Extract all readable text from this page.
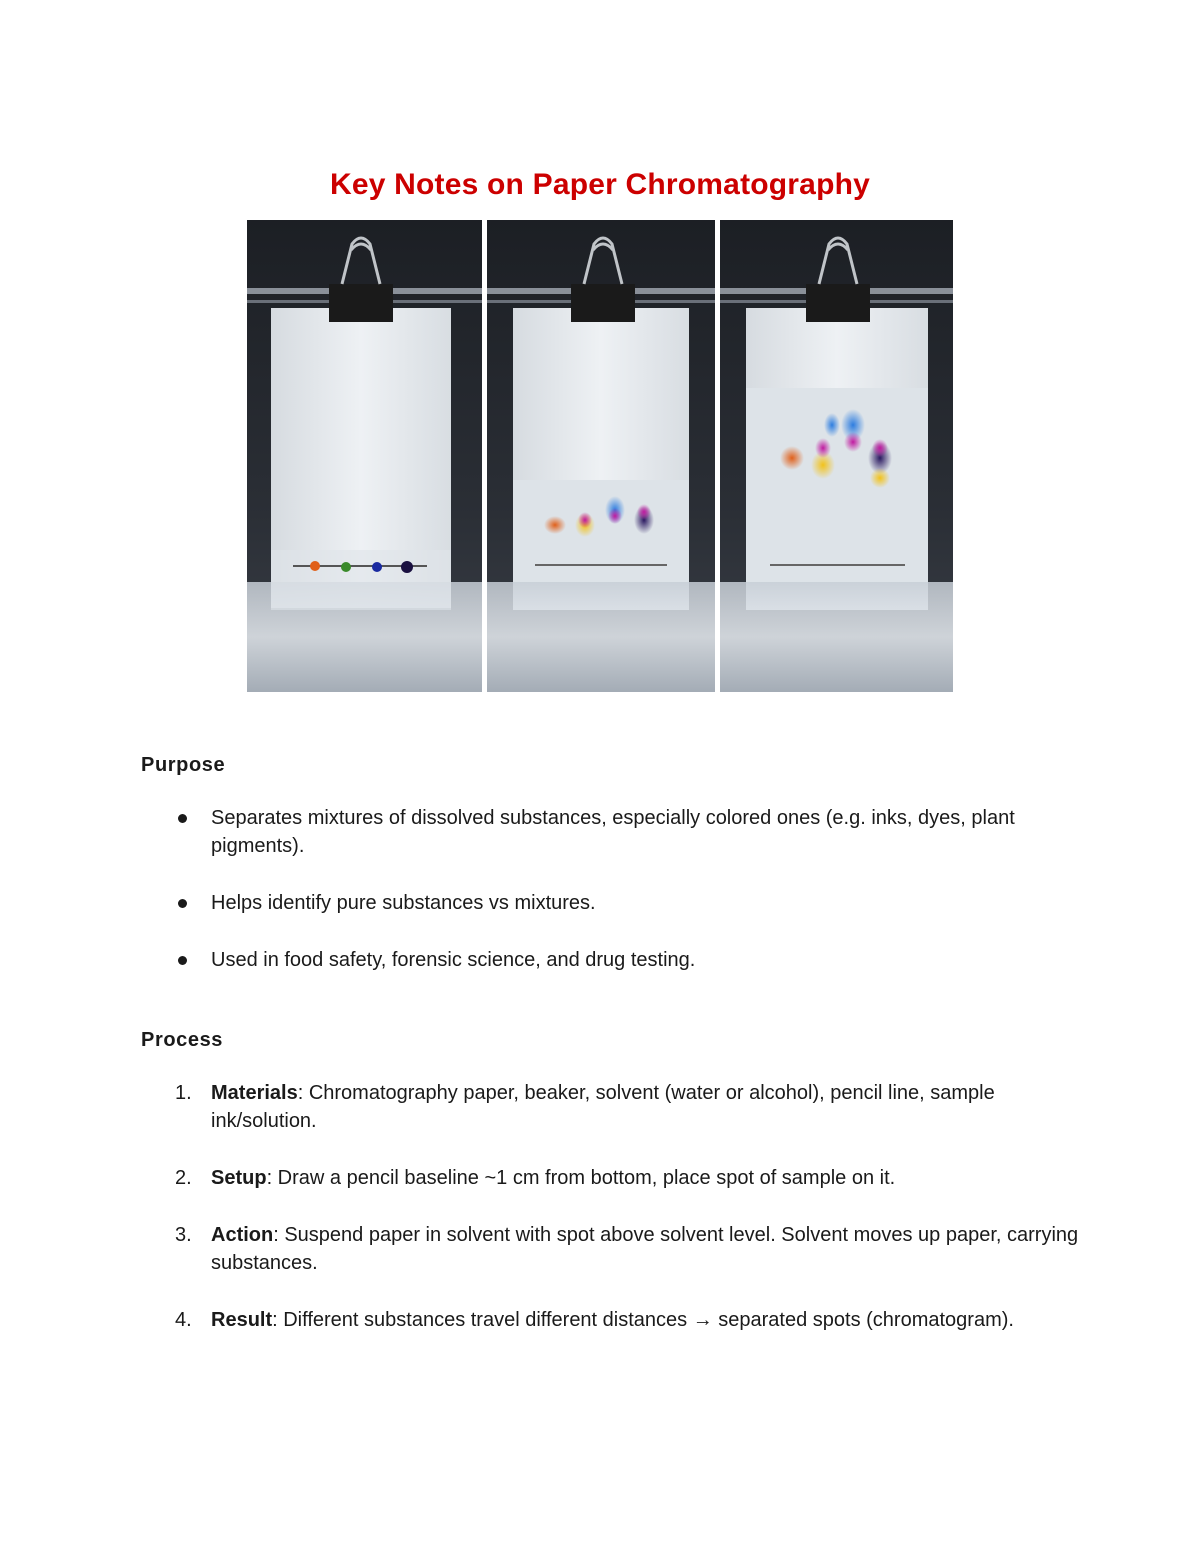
Key Notes on Paper Chromatography
Purpose
Separates mixtures of dissolved substances, especially colored ones (e.g. inks, dyes, plant pigments).
Helps identify pure substances vs mixtures.
Used in food safety, forensic science, and drug testing.
Process
1. Materials: Chromatography paper, beaker, solvent (water or alcohol), pencil line, sample ink/solution.
2. Setup: Draw a pencil baseline ~1 cm from bottom, place spot of sample on it.
3. Action: Suspend paper in solvent with spot above solvent level. Solvent moves up paper, carrying substances.
4. Result: Different substances travel different distances → separated spots (chromatogram).
